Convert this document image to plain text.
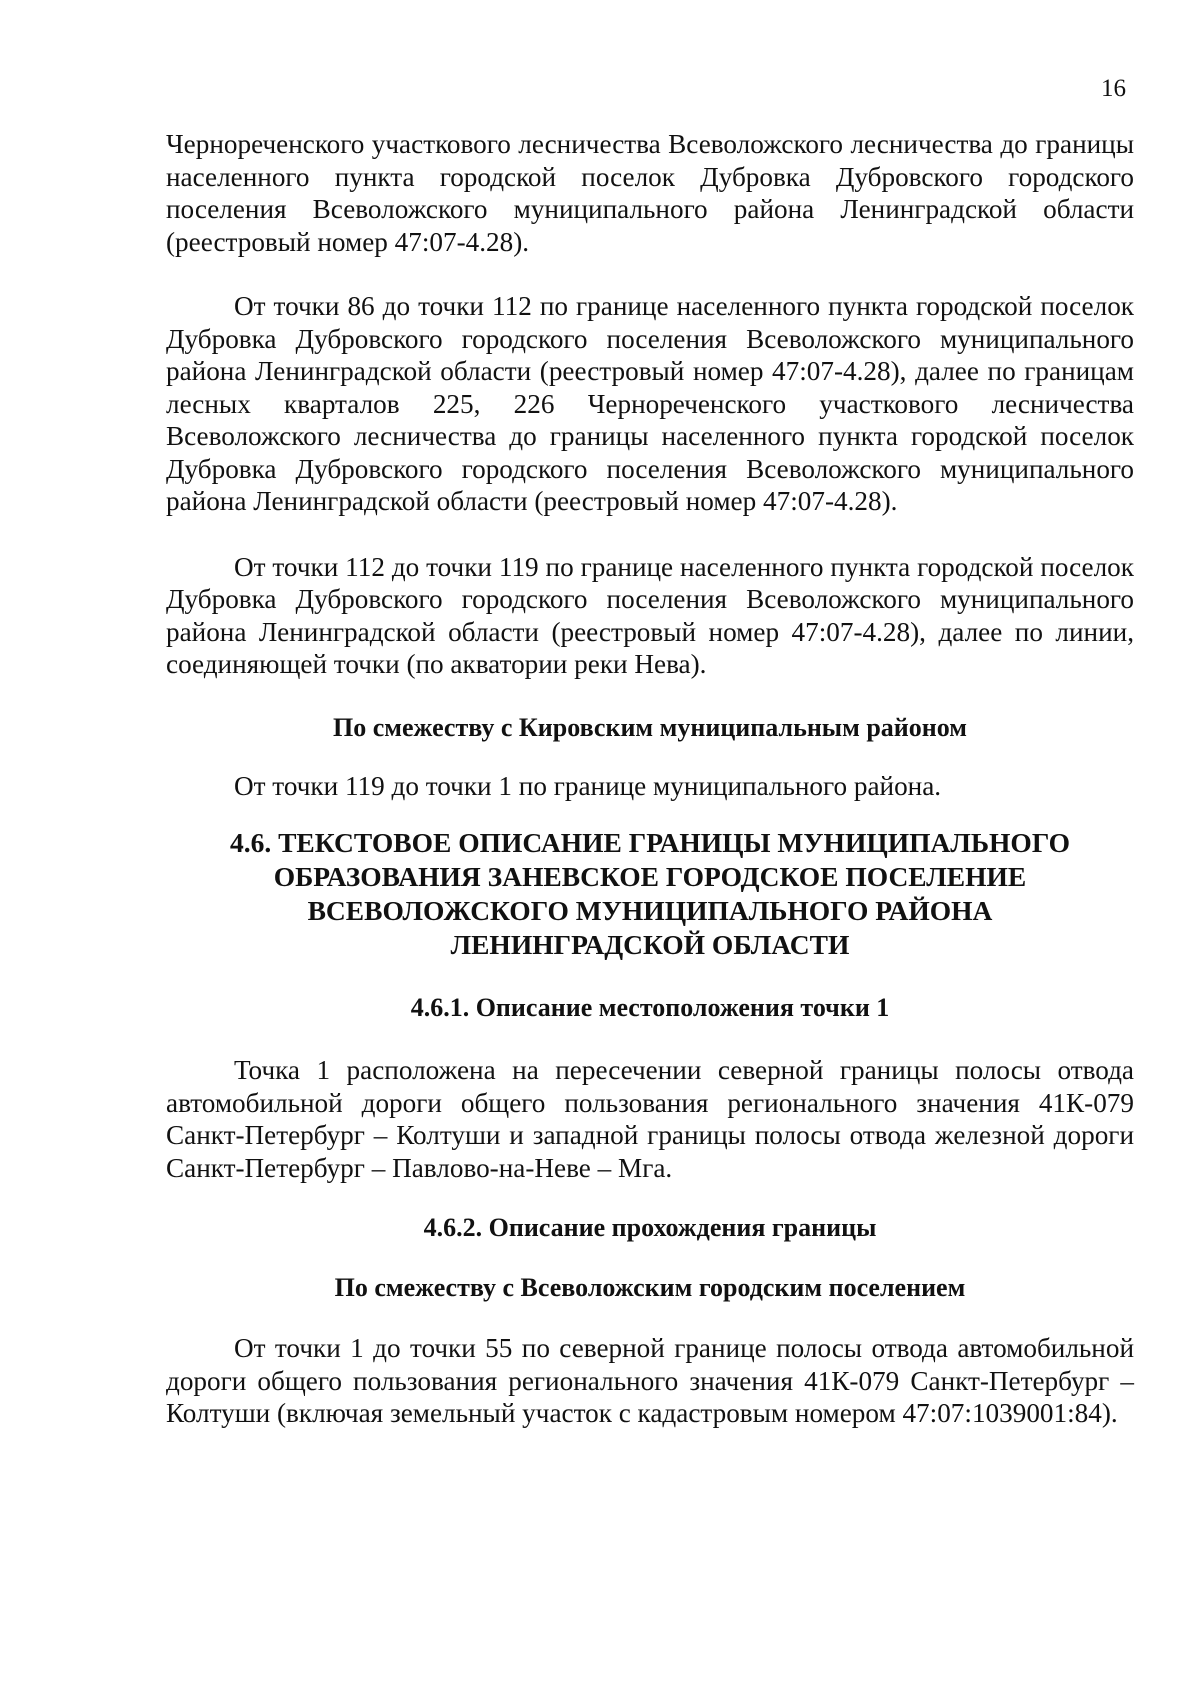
16

Чернореченского участкового лесничества Всеволожского лесничества до границы населенного пункта городской поселок Дубровка Дубровского городского поселения Всеволожского муниципального района Ленинградской области (реестровый номер 47:07-4.28).

От точки 86 до точки 112 по границе населенного пункта городской поселок Дубровка Дубровского городского поселения Всеволожского муниципального района Ленинградской области (реестровый номер 47:07-4.28), далее по границам лесных кварталов 225, 226 Чернореченского участкового лесничества Всеволожского лесничества до границы населенного пункта городской поселок Дубровка Дубровского городского поселения Всеволожского муниципального района Ленинградской области (реестровый номер 47:07-4.28).

От точки 112 до точки 119 по границе населенного пункта городской поселок Дубровка Дубровского городского поселения Всеволожского муниципального района Ленинградской области (реестровый номер 47:07-4.28), далее по линии, соединяющей точки (по акватории реки Нева).

По смежеству с Кировским муниципальным районом

От точки 119 до точки 1 по границе муниципального района.

4.6. ТЕКСТОВОЕ ОПИСАНИЕ ГРАНИЦЫ МУНИЦИПАЛЬНОГО
ОБРАЗОВАНИЯ ЗАНЕВСКОЕ ГОРОДСКОЕ ПОСЕЛЕНИЕ
ВСЕВОЛОЖСКОГО МУНИЦИПАЛЬНОГО РАЙОНА
ЛЕНИНГРАДСКОЙ ОБЛАСТИ
4.6.1. Описание местоположения точки 1

Точка 1 расположена на пересечении северной границы полосы отвода автомобильной дороги общего пользования регионального значения 41К-079 Санкт-Петербург – Колтуши и западной границы полосы отвода железной дороги Санкт-Петербург – Павлово-на-Неве – Мга.

4.6.2. Описание прохождения границы
По смежеству с Всеволожским городским поселением

От точки 1 до точки 55 по северной границе полосы отвода автомобильной дороги общего пользования регионального значения 41К-079 Санкт-Петербург – Колтуши (включая земельный участок с кадастровым номером 47:07:1039001:84).
